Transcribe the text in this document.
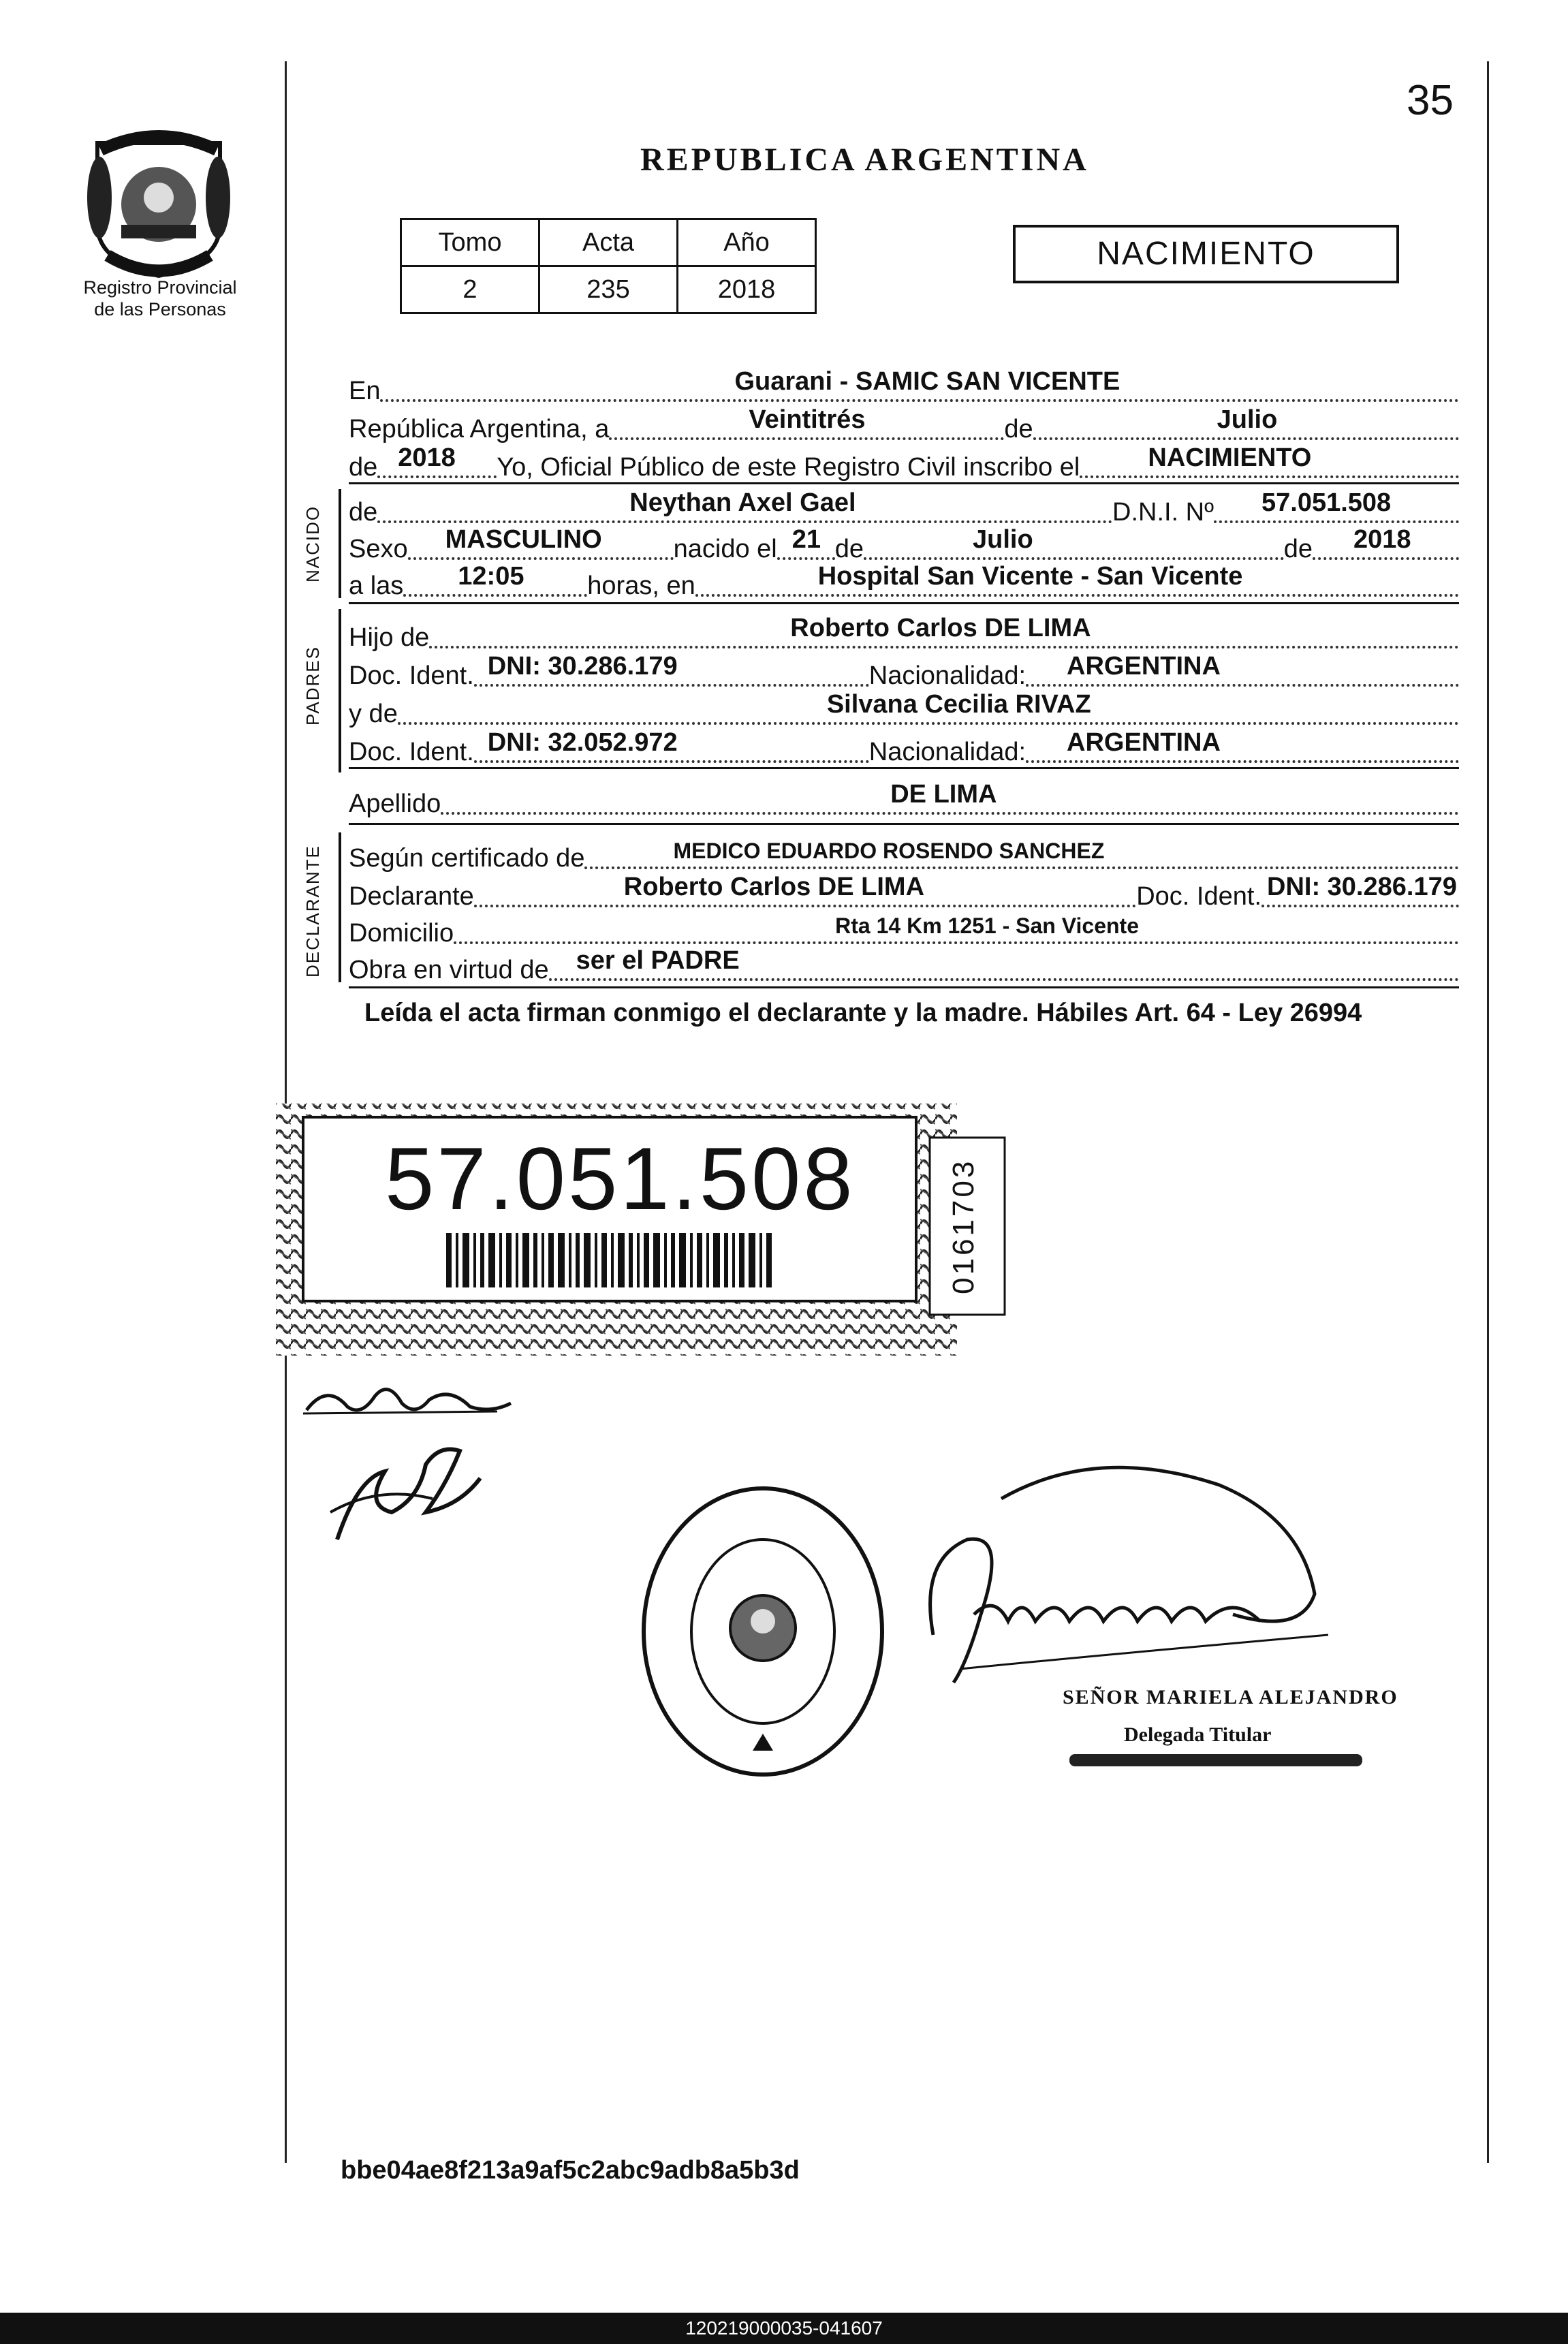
35
Registro Provincial
de las Personas
REPUBLICA ARGENTINA
Tomo	Acta	Año
2	235	2018
NACIMIENTO
En	Guarani - SAMIC SAN VICENTE
República Argentina, a	Veintitrés	de	Julio
de 2018 Yo, Oficial Público de este Registro Civil inscribo el	NACIMIENTO
NACIDO de	Neythan Axel Gael	D.N.I. Nº 57.051.508
Sexo MASCULINO	nacido el 21 de	Julio	de 2018
a las 12:05 horas, en	Hospital San Vicente - San Vicente
PADRES
Hijo de	Roberto Carlos DE LIMA
Doc. Ident. DNI: 30.286.179	Nacionalidad: ARGENTINA
y de	Silvana Cecilia RIVAZ
Doc. Ident. DNI: 32.052.972	Nacionalidad: ARGENTINA
Apellido	DE LIMA
DECLARANTE Según certificado de	MEDICO EDUARDO ROSENDO SANCHEZ
Declarante	Roberto Carlos DE LIMA	Doc. Ident. DNI: 30.286.179
Domicilio	Rta 14 Km 1251 - San Vicente
Obra en virtud de ser el PADRE
Leída el acta firman conmigo el declarante y la madre. Hábiles Art. 64 - Ley 26994
57.051.508	0161703
SEÑOR MARIELA ALEJANDRO
Delegada Titular
bbe04ae8f213a9af5c2abc9adb8a5b3d
120219000035-041607
